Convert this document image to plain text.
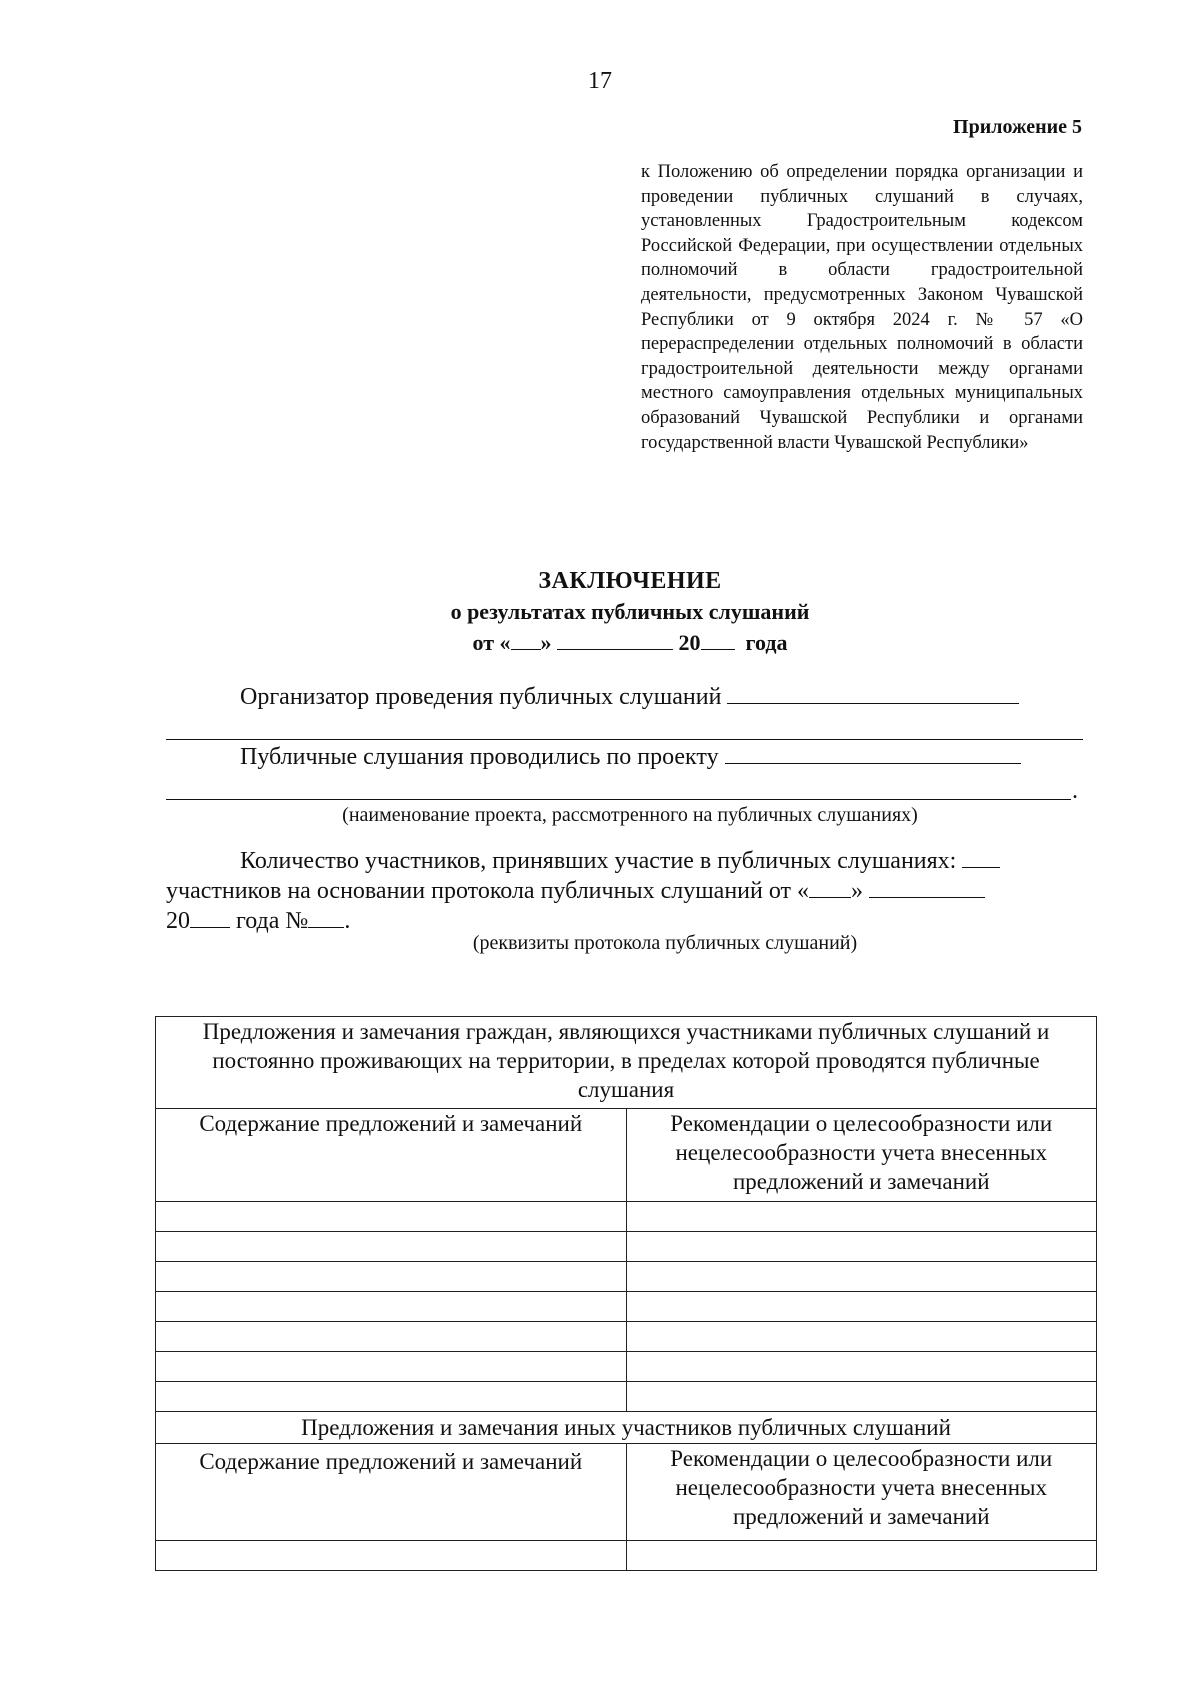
17
Приложение 5
к Положению об определении порядка организации и проведении публичных слушаний в случаях, установленных Градостроительным кодексом Российской Федерации, при осуществлении отдельных полномочий в области градостроительной деятельности, предусмотренных Законом Чувашской Республики от 9 октября 2024 г. № 57 «О перераспределении отдельных полномочий в области градостроительной деятельности между органами местного самоуправления отдельных муниципальных образований Чувашской Республики и органами государственной власти Чувашской Республики»
ЗАКЛЮЧЕНИЕ
о результатах публичных слушаний
от « »	20 года
Организатор проведения публичных слушаний
Публичные слушания проводились по проекту
.
(наименование проекта, рассмотренного на публичных слушаниях)
Количество участников, принявших участие в публичных слушаниях:
участников на основании протокола публичных слушаний от « »
20 года № .
(реквизиты протокола публичных слушаний)
Предложения и замечания граждан, являющихся участниками публичных слушаний и постоянно проживающих на территории, в пределах которой проводятся публичные слушания	
Содержание предложений и замечаний	Рекомендации о целесообразности или нецелесообразности учета внесенных предложений и замечаний

Предложения и замечания иных участников публичных слушаний	
Содержание предложений и замечаний	Рекомендации о целесообразности или нецелесообразности учета внесенных предложений и замечаний
